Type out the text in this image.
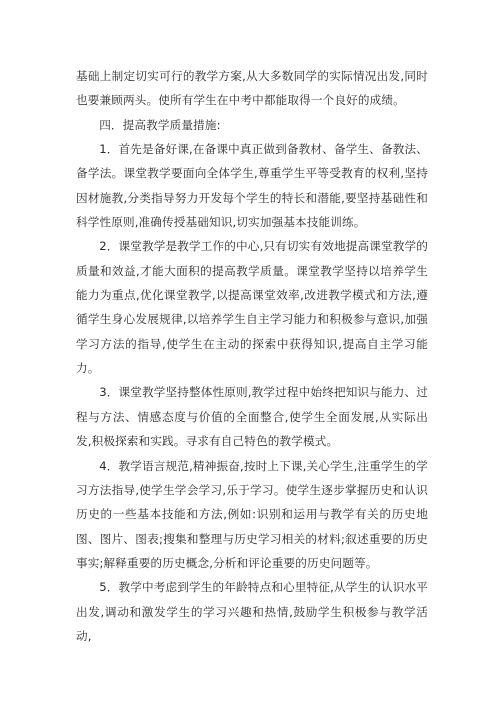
基础上制定切实可行的教学方案,从大多数同学的实际情况出发,同时也要兼顾两头。使所有学生在中考中都能取得一个良好的成绩。

四．提高教学质量措施:

1．首先是备好课,在备课中真正做到备教材、备学生、备教法、备学法。课堂教学要面向全体学生,尊重学生平等受教育的权利,坚持因材施教,分类指导努力开发每个学生的特长和潜能,要坚持基础性和科学性原则,准确传授基础知识,切实加强基本技能训练。

2．课堂教学是教学工作的中心,只有切实有效地提高课堂教学的质量和效益,才能大面积的提高教学质量。课堂教学坚持以培养学生能力为重点,优化课堂教学,以提高课堂效率,改进教学模式和方法,遵循学生身心发展规律,以培养学生自主学习能力和积极参与意识,加强学习方法的指导,使学生在主动的探索中获得知识,提高自主学习能力。

3．课堂教学坚持整体性原则,教学过程中始终把知识与能力、过程与方法、情感态度与价值的全面整合,使学生全面发展,从实际出发,积极探索和实践。寻求有自己特色的教学模式。

4．教学语言规范,精神振奋,按时上下课,关心学生,注重学生的学习方法指导,使学生学会学习,乐于学习。使学生逐步掌握历史和认识历史的一些基本技能和方法,例如:识别和运用与教学有关的历史地图、图片、图表;搜集和整理与历史学习相关的材料;叙述重要的历史事实;解释重要的历史概念,分析和评论重要的历史问题等。

5．教学中考虑到学生的年龄特点和心里特征,从学生的认识水平出发,调动和激发学生的学习兴趣和热情,鼓励学生积极参与教学活动,
